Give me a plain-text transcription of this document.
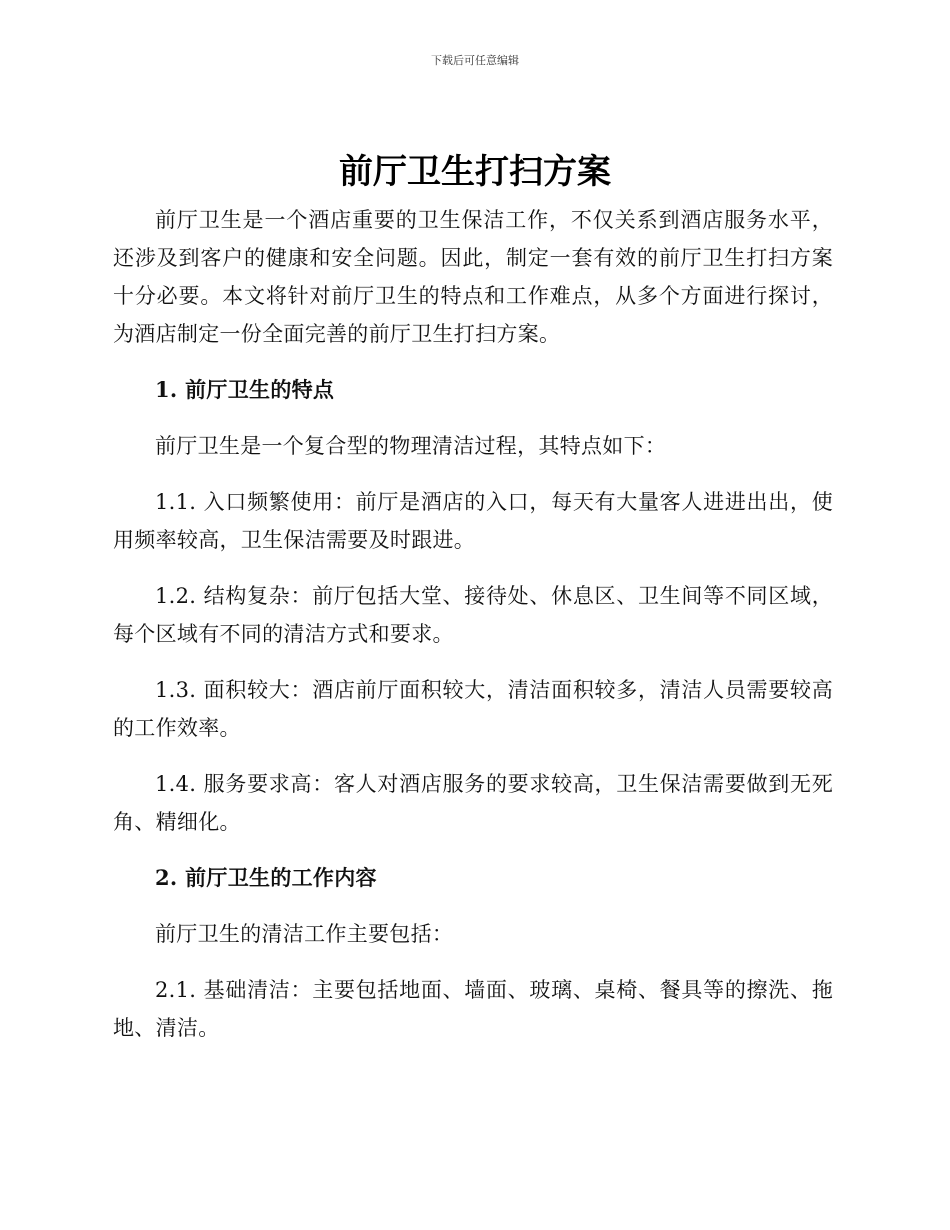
下载后可任意编辑
前厅卫生打扫方案

前厅卫生是一个酒店重要的卫生保洁工作，不仅关系到酒店服务水平，还涉及到客户的健康和安全问题。因此，制定一套有效的前厅卫生打扫方案十分必要。本文将针对前厅卫生的特点和工作难点，从多个方面进行探讨，为酒店制定一份全面完善的前厅卫生打扫方案。

1. 前厅卫生的特点

前厅卫生是一个复合型的物理清洁过程，其特点如下：

1.1. 入口频繁使用：前厅是酒店的入口，每天有大量客人进进出出，使用频率较高，卫生保洁需要及时跟进。

1.2. 结构复杂：前厅包括大堂、接待处、休息区、卫生间等不同区域，每个区域有不同的清洁方式和要求。

1.3. 面积较大：酒店前厅面积较大，清洁面积较多，清洁人员需要较高的工作效率。

1.4. 服务要求高：客人对酒店服务的要求较高，卫生保洁需要做到无死角、精细化。

2. 前厅卫生的工作内容

前厅卫生的清洁工作主要包括：

2.1. 基础清洁：主要包括地面、墙面、玻璃、桌椅、餐具等的擦洗、拖地、清洁。
